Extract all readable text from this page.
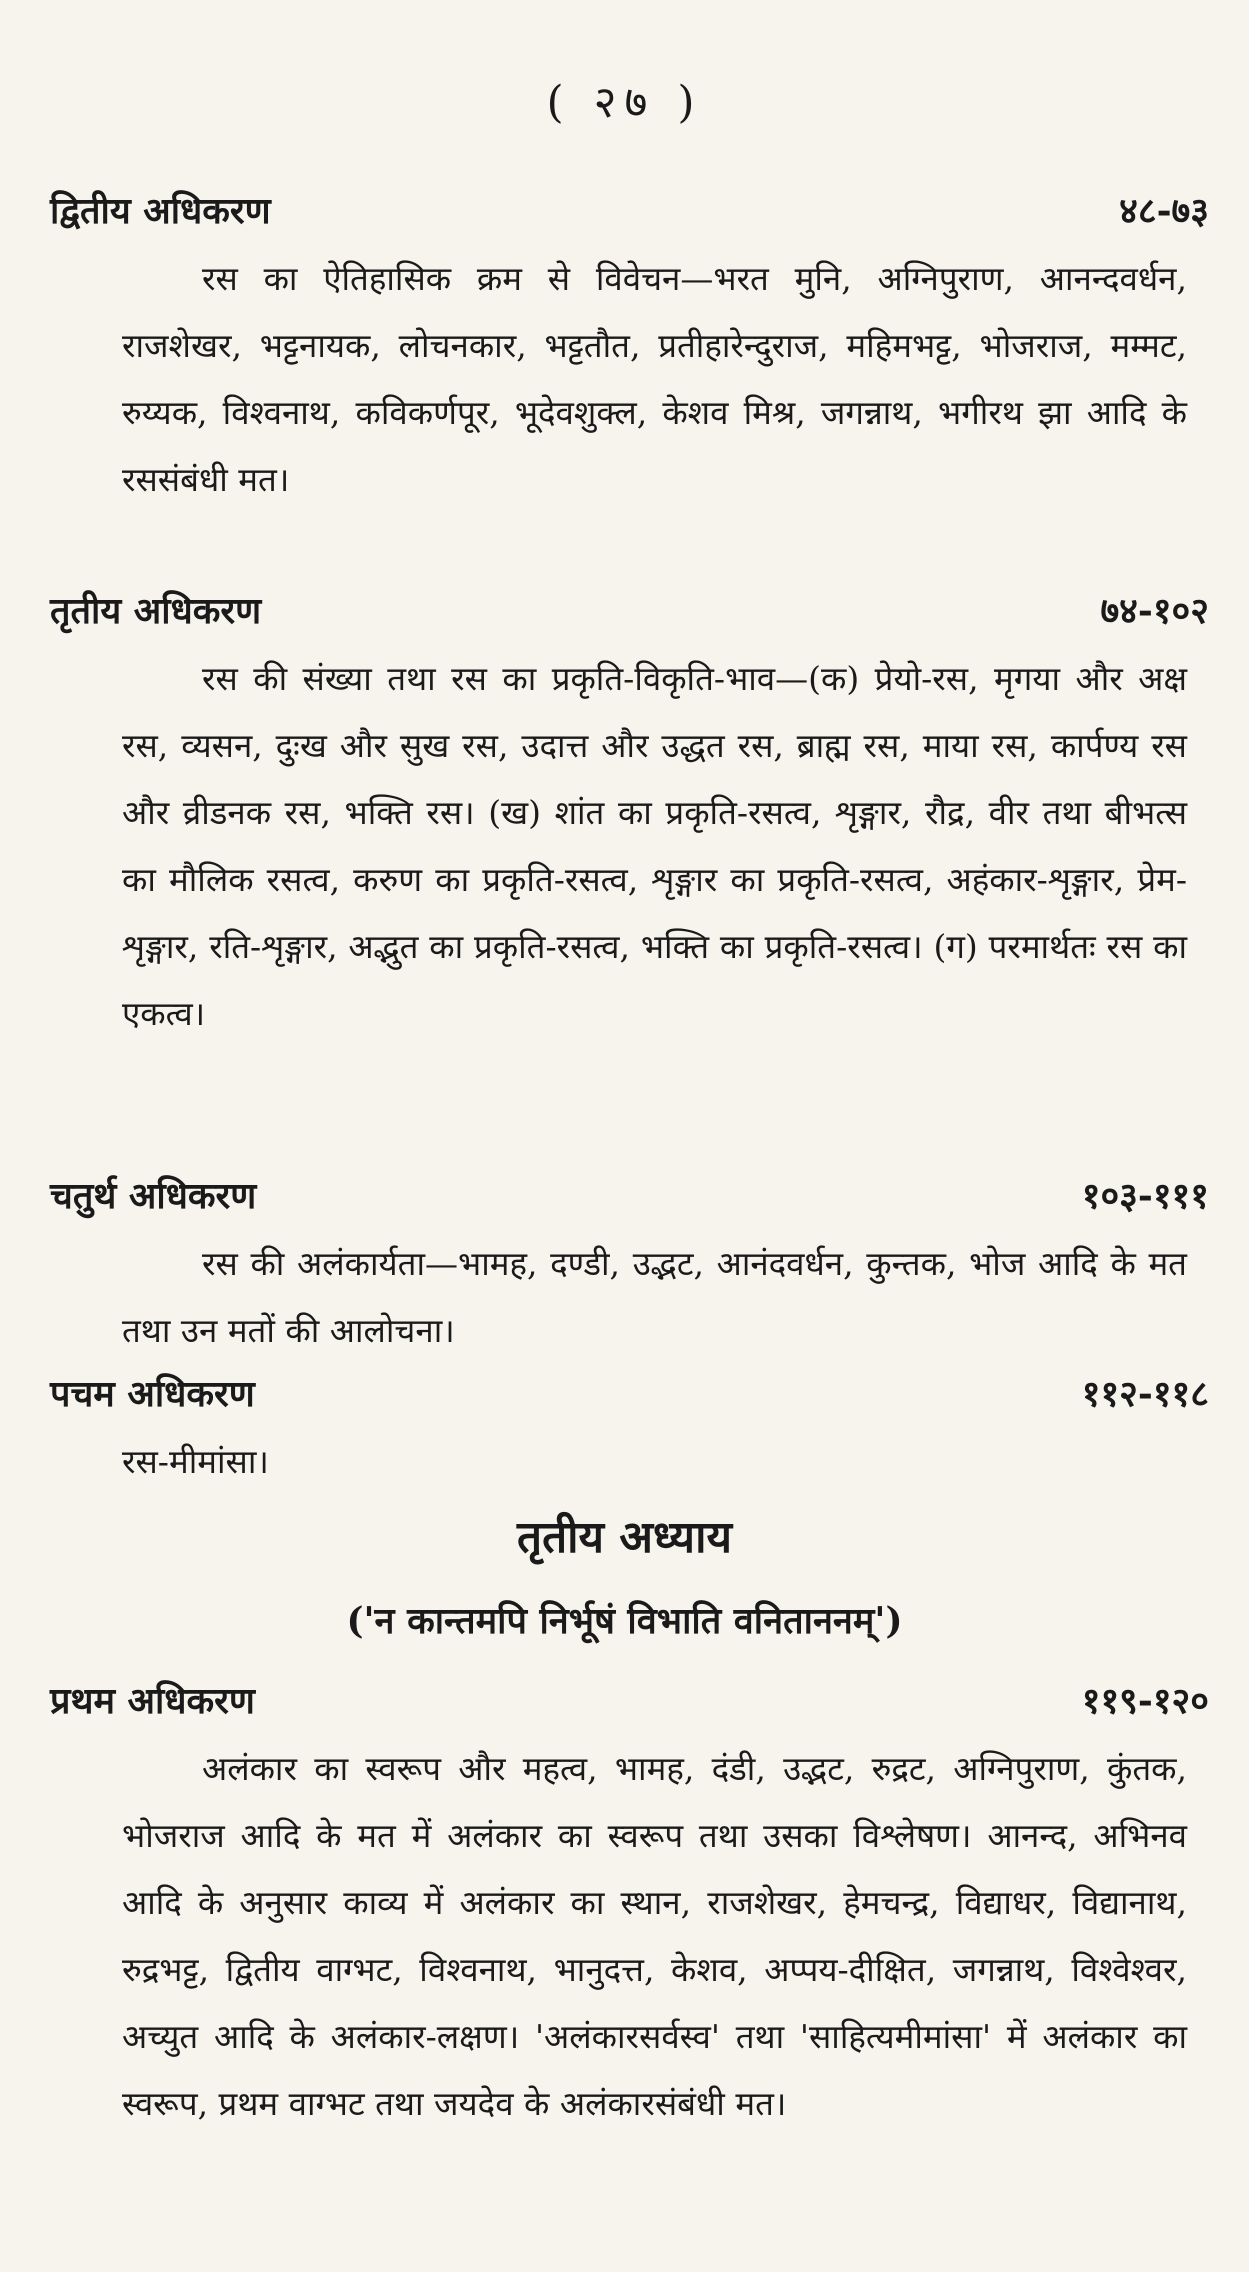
( २७ )
द्वितीय अधिकरण	४८-७३

रस का ऐतिहासिक क्रम से विवेचन—भरत मुनि, अग्निपुराण, आनन्दवर्धन, राजशेखर, भट्टनायक, लोचनकार, भट्टतौत, प्रतीहारेन्दुराज, महिमभट्ट, भोजराज, मम्मट, रुय्यक, विश्वनाथ, कविकर्णपूर, भूदेवशुक्ल, केशव मिश्र, जगन्नाथ, भगीरथ झा आदि के रससंबंधी मत।

तृतीय अधिकरण	७४-१०२

रस की संख्या तथा रस का प्रकृति-विकृति-भाव—(क) प्रेयो-रस, मृगया और अक्ष रस, व्यसन, दुःख और सुख रस, उदात्त और उद्धत रस, ब्राह्म रस, माया रस, कार्पण्य रस और व्रीडनक रस, भक्ति रस। (ख) शांत का प्रकृति-रसत्व, शृङ्गार, रौद्र, वीर तथा बीभत्स का मौलिक रसत्व, करुण का प्रकृति-रसत्व, शृङ्गार का प्रकृति-रसत्व, अहंकार-शृङ्गार, प्रेम-शृङ्गार, रति-शृङ्गार, अद्भुत का प्रकृति-रसत्व, भक्ति का प्रकृति-रसत्व। (ग) परमार्थतः रस का एकत्व।

चतुर्थ अधिकरण	१०३-१११

रस की अलंकार्यता—भामह, दण्डी, उद्भट, आनंदवर्धन, कुन्तक, भोज आदि के मत तथा उन मतों की आलोचना।

पचम अधिकरण	११२-११८

रस-मीमांसा।

तृतीय अध्याय
('न कान्तमपि निर्भूषं विभाति वनिताननम्')
प्रथम अधिकरण	११९-१२०

अलंकार का स्वरूप और महत्व, भामह, दंडी, उद्भट, रुद्रट, अग्निपुराण, कुंतक, भोजराज आदि के मत में अलंकार का स्वरूप तथा उसका विश्लेषण। आनन्द, अभिनव आदि के अनुसार काव्य में अलंकार का स्थान, राजशेखर, हेमचन्द्र, विद्याधर, विद्यानाथ, रुद्रभट्ट, द्वितीय वाग्भट, विश्वनाथ, भानुदत्त, केशव, अप्पय-दीक्षित, जगन्नाथ, विश्वेश्वर, अच्युत आदि के अलंकार-लक्षण। 'अलंकारसर्वस्व' तथा 'साहित्यमीमांसा' में अलंकार का स्वरूप, प्रथम वाग्भट तथा जयदेव के अलंकारसंबंधी मत।
